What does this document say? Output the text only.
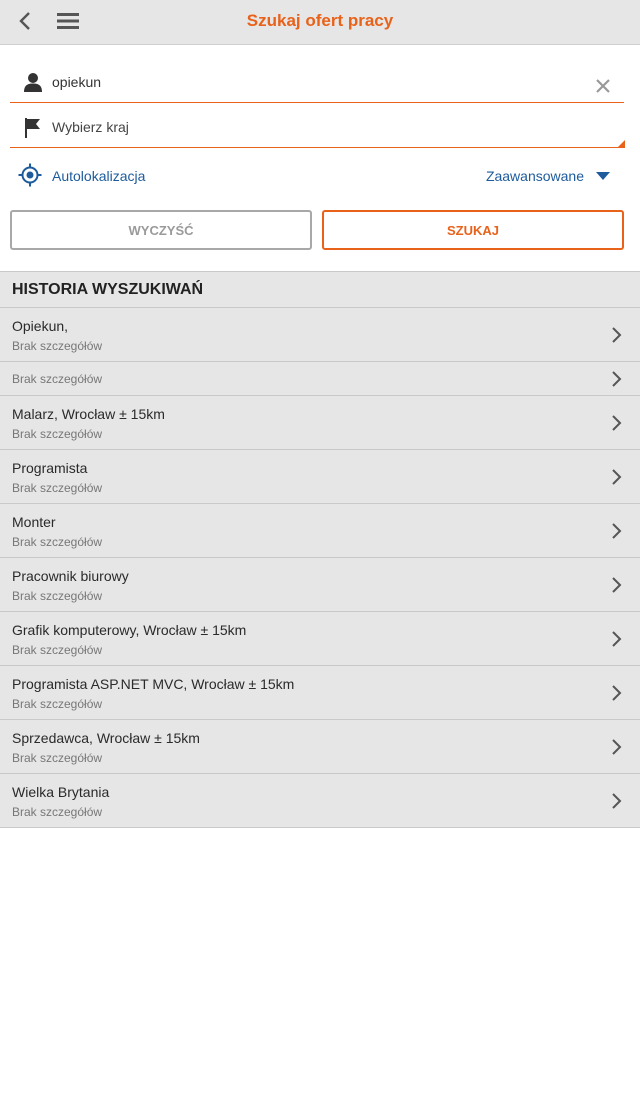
Szukaj ofert pracy
opiekun
Wybierz kraj
Autolokalizacja	Zaawansowane
WYCZYŚĆ	SZUKAJ
HISTORIA WYSZUKIWAŃ
Opiekun,
Brak szczegółów
Brak szczegółów
Malarz, Wrocław ± 15km
Brak szczegółów
Programista
Brak szczegółów
Monter
Brak szczegółów
Pracownik biurowy
Brak szczegółów
Grafik komputerowy, Wrocław ± 15km
Brak szczegółów
Programista ASP.NET MVC, Wrocław ± 15km
Brak szczegółów
Sprzedawca, Wrocław ± 15km
Brak szczegółów
Wielka Brytania
Brak szczegółów
